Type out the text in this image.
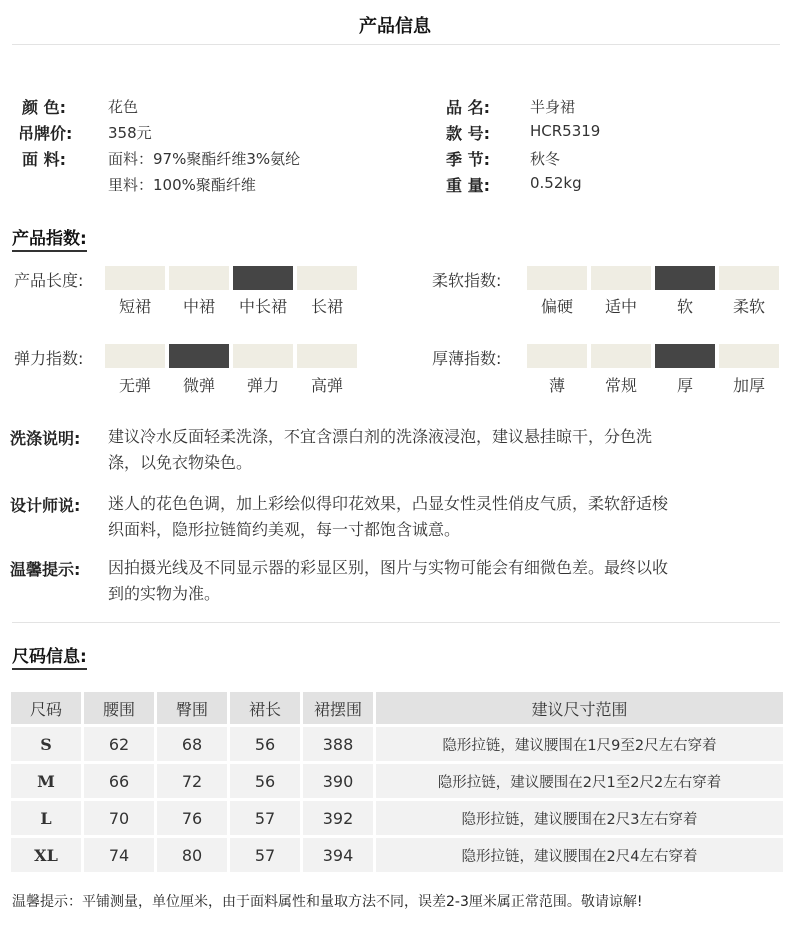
产品信息
颜 色:	花色
吊牌价: 358元
面 料:	面料：97%聚酯纤维3%氨纶
里料：100%聚酯纤维
品 名:	半身裙
款 号:	HCR5319
季 节:	秋冬
重 量:	0.52kg
产品指数:
产品长度:
短裙	中裙	中长裙	长裙
柔软指数:
偏硬	适中	软	柔软
弹力指数:
无弹	微弹	弹力	高弹
厚薄指数:
薄	常规	厚	加厚
洗涤说明: 建议冷水反面轻柔洗涤，不宜含漂白剂的洗涤液浸泡，建议悬挂晾干，分色洗
涤，以免衣物染色。
设计师说: 迷人的花色色调，加上彩绘似得印花效果，凸显女性灵性俏皮气质，柔软舒适梭
织面料，隐形拉链简约美观，每一寸都饱含诚意。
温馨提示: 因拍摄光线及不同显示器的彩显区别，图片与实物可能会有细微色差。最终以收
到的实物为准。
尺码信息:
尺码	腰围	臀围	裙长	裙摆围	建议尺寸范围
S	62	68	56	388	隐形拉链，建议腰围在1尺9至2尺左右穿着
M	66	72	56	390	隐形拉链，建议腰围在2尺1至2尺2左右穿着
L	70	76	57	392	隐形拉链，建议腰围在2尺3左右穿着
XL	74	80	57	394	隐形拉链，建议腰围在2尺4左右穿着
温馨提示：平铺测量，单位厘米，由于面料属性和量取方法不同，误差2-3厘米属正常范围。敬请谅解!
